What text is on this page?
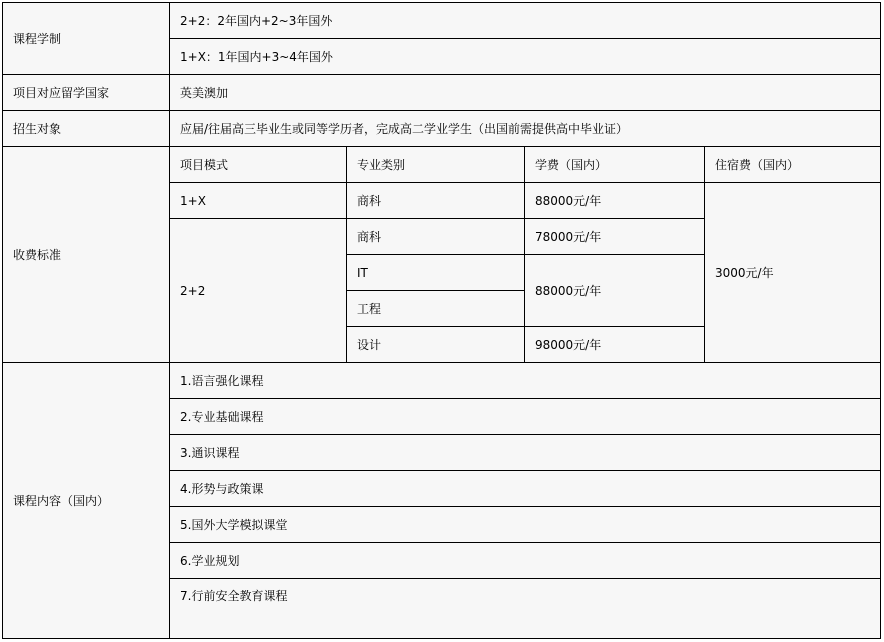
课程学制	2+2：2年国内+2~3年国外			
	1+X：1年国内+3~4年国外			
项目对应留学国家	英美澳加			
招生对象	应届/往届高三毕业生或同等学历者，完成高二学业学生（出国前需提供高中毕业证）			
收费标准	项目模式	专业类别	学费（国内）	住宿费（国内）
	1+X	商科	88000元/年	3000元/年
	2+2	商科	78000元/年	
		IT	88000元/年	
		工程		
		设计	98000元/年	
课程内容（国内）	1.语言强化课程			
	2.专业基础课程			
	3.通识课程			
	4.形势与政策课			
	5.国外大学模拟课堂			
	6.学业规划			
	7.行前安全教育课程			
